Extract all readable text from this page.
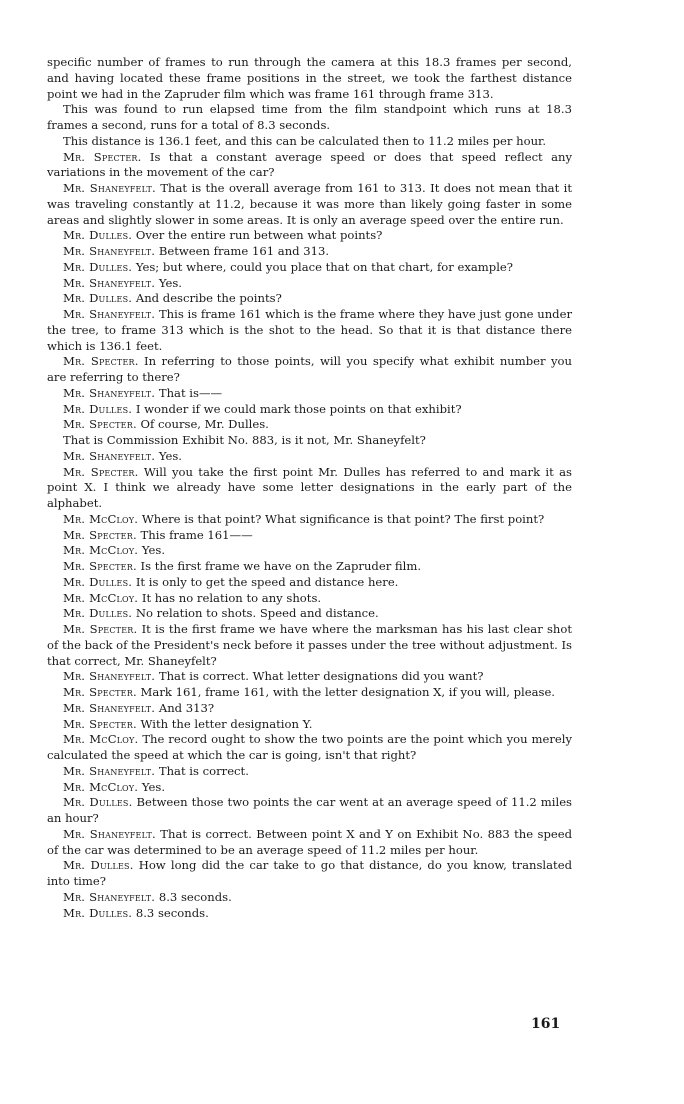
specific number of frames to run through the camera at this 18.3 frames per second, and having located these frame positions in the street, we took the farthest distance point we had in the Zapruder film which was frame 161 through frame 313.

This was found to run elapsed time from the film standpoint which runs at 18.3 frames a second, runs for a total of 8.3 seconds.

This distance is 136.1 feet, and this can be calculated then to 11.2 miles per hour.

Mr. Specter. Is that a constant average speed or does that speed reflect any variations in the movement of the car?

Mr. Shaneyfelt. That is the overall average from 161 to 313. It does not mean that it was traveling constantly at 11.2, because it was more than likely going faster in some areas and slightly slower in some areas. It is only an average speed over the entire run.

Mr. Dulles. Over the entire run between what points?

Mr. Shaneyfelt. Between frame 161 and 313.

Mr. Dulles. Yes; but where, could you place that on that chart, for example?

Mr. Shaneyfelt. Yes.

Mr. Dulles. And describe the points?

Mr. Shaneyfelt. This is frame 161 which is the frame where they have just gone under the tree, to frame 313 which is the shot to the head. So that it is that distance there which is 136.1 feet.

Mr. Specter. In referring to those points, will you specify what exhibit number you are referring to there?

Mr. Shaneyfelt. That is——

Mr. Dulles. I wonder if we could mark those points on that exhibit?

Mr. Specter. Of course, Mr. Dulles.

That is Commission Exhibit No. 883, is it not, Mr. Shaneyfelt?

Mr. Shaneyfelt. Yes.

Mr. Specter. Will you take the first point Mr. Dulles has referred to and mark it as point X. I think we already have some letter designations in the early part of the alphabet.

Mr. McCloy. Where is that point? What significance is that point? The first point?

Mr. Specter. This frame 161——

Mr. McCloy. Yes.

Mr. Specter. Is the first frame we have on the Zapruder film.

Mr. Dulles. It is only to get the speed and distance here.

Mr. McCloy. It has no relation to any shots.

Mr. Dulles. No relation to shots. Speed and distance.

Mr. Specter. It is the first frame we have where the marksman has his last clear shot of the back of the President's neck before it passes under the tree without adjustment. Is that correct, Mr. Shaneyfelt?

Mr. Shaneyfelt. That is correct. What letter designations did you want?

Mr. Specter. Mark 161, frame 161, with the letter designation X, if you will, please.

Mr. Shaneyfelt. And 313?

Mr. Specter. With the letter designation Y.

Mr. McCloy. The record ought to show the two points are the point which you merely calculated the speed at which the car is going, isn't that right?

Mr. Shaneyfelt. That is correct.

Mr. McCloy. Yes.

Mr. Dulles. Between those two points the car went at an average speed of 11.2 miles an hour?

Mr. Shaneyfelt. That is correct. Between point X and Y on Exhibit No. 883 the speed of the car was determined to be an average speed of 11.2 miles per hour.

Mr. Dulles. How long did the car take to go that distance, do you know, translated into time?

Mr. Shaneyfelt. 8.3 seconds.

Mr. Dulles. 8.3 seconds.

161
